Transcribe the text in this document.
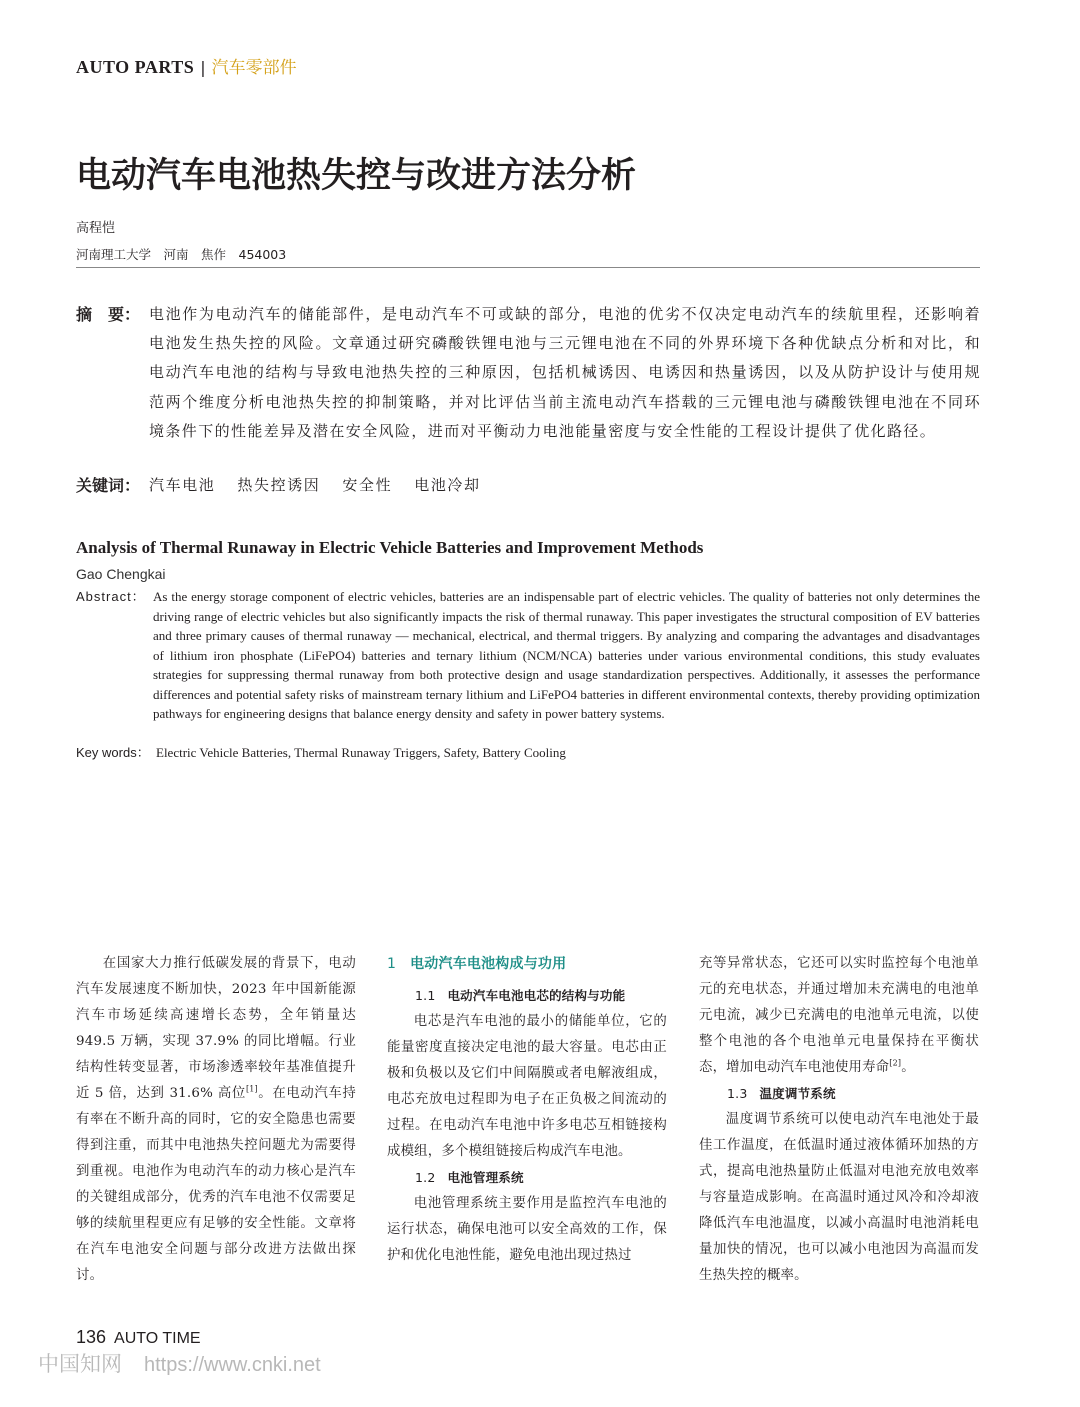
AUTO PARTS | 汽车零部件
电动汽车电池热失控与改进方法分析
高程恺
河南理工大学　河南　焦作　454003
摘　要： 电池作为电动汽车的储能部件，是电动汽车不可或缺的部分，电池的优劣不仅决定电动汽车的续航里程，还影响着电池发生热失控的风险。文章通过研究磷酸铁锂电池与三元锂电池在不同的外界环境下各种优缺点分析和对比，和电动汽车电池的结构与导致电池热失控的三种原因，包括机械诱因、电诱因和热量诱因，以及从防护设计与使用规范两个维度分析电池热失控的抑制策略，并对比评估当前主流电动汽车搭载的三元锂电池与磷酸铁锂电池在不同环境条件下的性能差异及潜在安全风险，进而对平衡动力电池能量密度与安全性能的工程设计提供了优化路径。
关键词： 汽车电池 热失控诱因 安全性 电池冷却
Analysis of Thermal Runaway in Electric Vehicle Batteries and Improvement Methods
Gao Chengkai
Abstract： As the energy storage component of electric vehicles, batteries are an indispensable part of electric vehicles. The quality of batteries not only determines the driving range of electric vehicles but also significantly impacts the risk of thermal runaway. This paper investigates the structural composition of EV batteries and three primary causes of thermal runaway — mechanical, electrical, and thermal triggers. By analyzing and comparing the advantages and disadvantages of lithium iron phosphate (LiFePO4) batteries and ternary lithium (NCM/NCA) batteries under various environmental conditions, this study evaluates strategies for suppressing thermal runaway from both protective design and usage standardization perspectives. Additionally, it assesses the performance differences and potential safety risks of mainstream ternary lithium and LiFePO4 batteries in different environmental contexts, thereby providing optimization pathways for engineering designs that balance energy density and safety in power battery systems.
Key words： Electric Vehicle Batteries, Thermal Runaway Triggers, Safety, Battery Cooling

在国家大力推行低碳发展的背景下，电动汽车发展速度不断加快，2023 年中国新能源汽车市场延续高速增长态势，全年销量达 949.5 万辆，实现 37.9% 的同比增幅。行业结构性转变显著，市场渗透率较年基准值提升近 5 倍，达到 31.6% 高位[1]。在电动汽车持有率在不断升高的同时，它的安全隐患也需要得到注重，而其中电池热失控问题尤为需要得到重视。电池作为电动汽车的动力核心是汽车的关键组成部分，优秀的汽车电池不仅需要足够的续航里程更应有足够的安全性能。文章将在汽车电池安全问题与部分改进方法做出探讨。

1 电动汽车电池构成与功用

1.1 电动汽车电池电芯的结构与功能

电芯是汽车电池的最小的储能单位，它的能量密度直接决定电池的最大容量。电芯由正极和负极以及它们中间隔膜或者电解液组成，电芯充放电过程即为电子在正负极之间流动的过程。在电动汽车电池中许多电芯互相链接构成模组，多个模组链接后构成汽车电池。

1.2 电池管理系统

电池管理系统主要作用是监控汽车电池的运行状态，确保电池可以安全高效的工作，保护和优化电池性能，避免电池出现过热过

充等异常状态，它还可以实时监控每个电池单元的充电状态，并通过增加未充满电的电池单元电流，减少已充满电的电池单元电流，以使整个电池的各个电池单元电量保持在平衡状态，增加电动汽车电池使用寿命[2]。

1.3 温度调节系统

温度调节系统可以使电动汽车电池处于最佳工作温度，在低温时通过液体循环加热的方式，提高电池热量防止低温对电池充放电效率与容量造成影响。在高温时通过风冷和冷却液降低汽车电池温度，以减小高温时电池消耗电量加快的情况，也可以减小电池因为高温而发生热失控的概率。

136 AUTO TIME
中国知网 https://www.cnki.net
